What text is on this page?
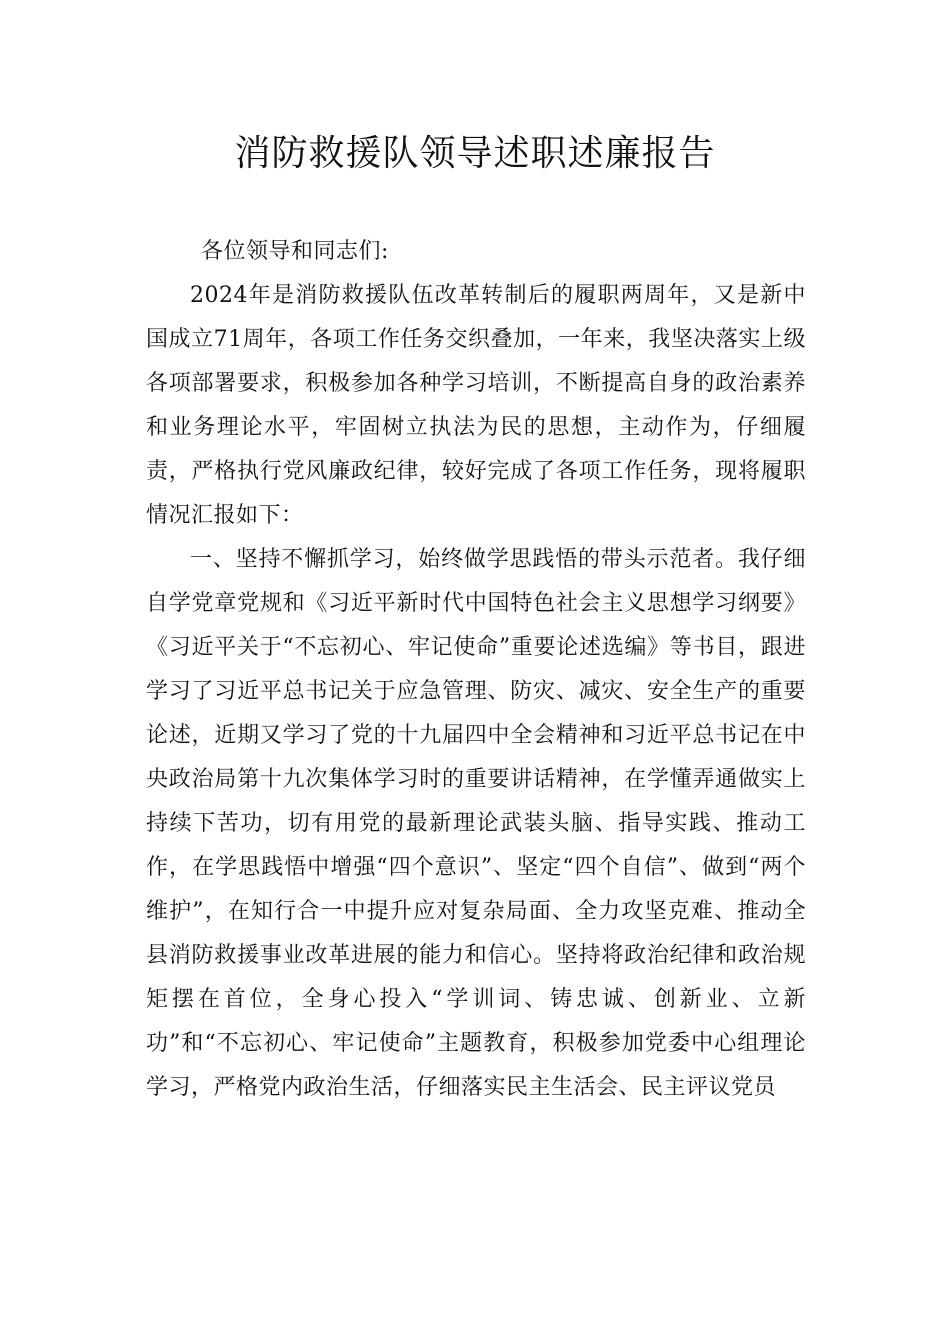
消防救援队领导述职述廉报告

各位领导和同志们:

2024年是消防救援队伍改革转制后的履职两周年，又是新中国成立71周年，各项工作任务交织叠加，一年来，我坚决落实上级各项部署要求，积极参加各种学习培训，不断提高自身的政治素养和业务理论水平，牢固树立执法为民的思想，主动作为，仔细履责，严格执行党风廉政纪律，较好完成了各项工作任务，现将履职情况汇报如下：

一、坚持不懈抓学习，始终做学思践悟的带头示范者。我仔细自学党章党规和《习近平新时代中国特色社会主义思想学习纲要》《习近平关于“不忘初心、牢记使命”重要论述选编》等书目，跟进学习了习近平总书记关于应急管理、防灾、减灾、安全生产的重要论述，近期又学习了党的十九届四中全会精神和习近平总书记在中央政治局第十九次集体学习时的重要讲话精神，在学懂弄通做实上持续下苦功，切有用党的最新理论武装头脑、指导实践、推动工作，在学思践悟中增强“四个意识”、坚定“四个自信”、做到“两个维护”，在知行合一中提升应对复杂局面、全力攻坚克难、推动全县消防救援事业改革进展的能力和信心。坚持将政治纪律和政治规矩摆在首位，全身心投入“学训词、铸忠诚、创新业、立新功”和“不忘初心、牢记使命”主题教育，积极参加党委中心组理论学习，严格党内政治生活，仔细落实民主生活会、民主评议党员
